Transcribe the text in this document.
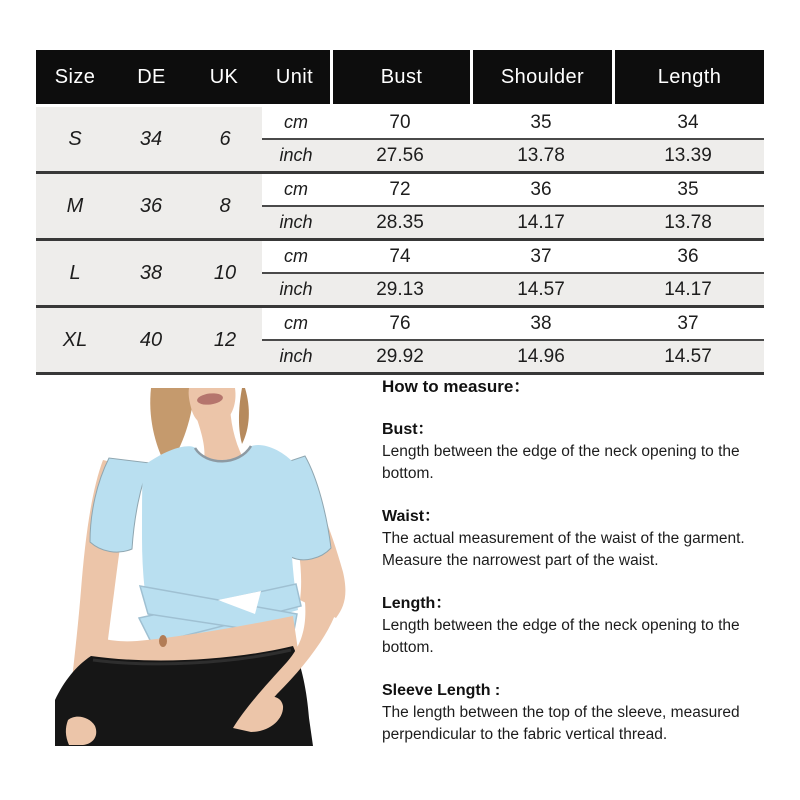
Size	DE	UK	Unit	Bust	Shoulder	Length
S	34	6
cm	70	35	34
inch	27.56	13.78	13.39
M	36	8
cm	72	36	35
inch	28.35	14.17	13.78
L	38	10
cm	74	37	36
inch	29.13	14.57	14.17
XL	40	12
cm	76	38	37
inch	29.92	14.96	14.57
How to measure：
Bust：
Length between the edge of the neck opening to the bottom.
Waist：
The actual measurement of the waist of the garment. Measure the narrowest part of the waist.
Length：
Length between the edge of the neck opening to the bottom.
Sleeve Length :
The length between the top of the sleeve, measured perpendicular to the fabric vertical thread.
